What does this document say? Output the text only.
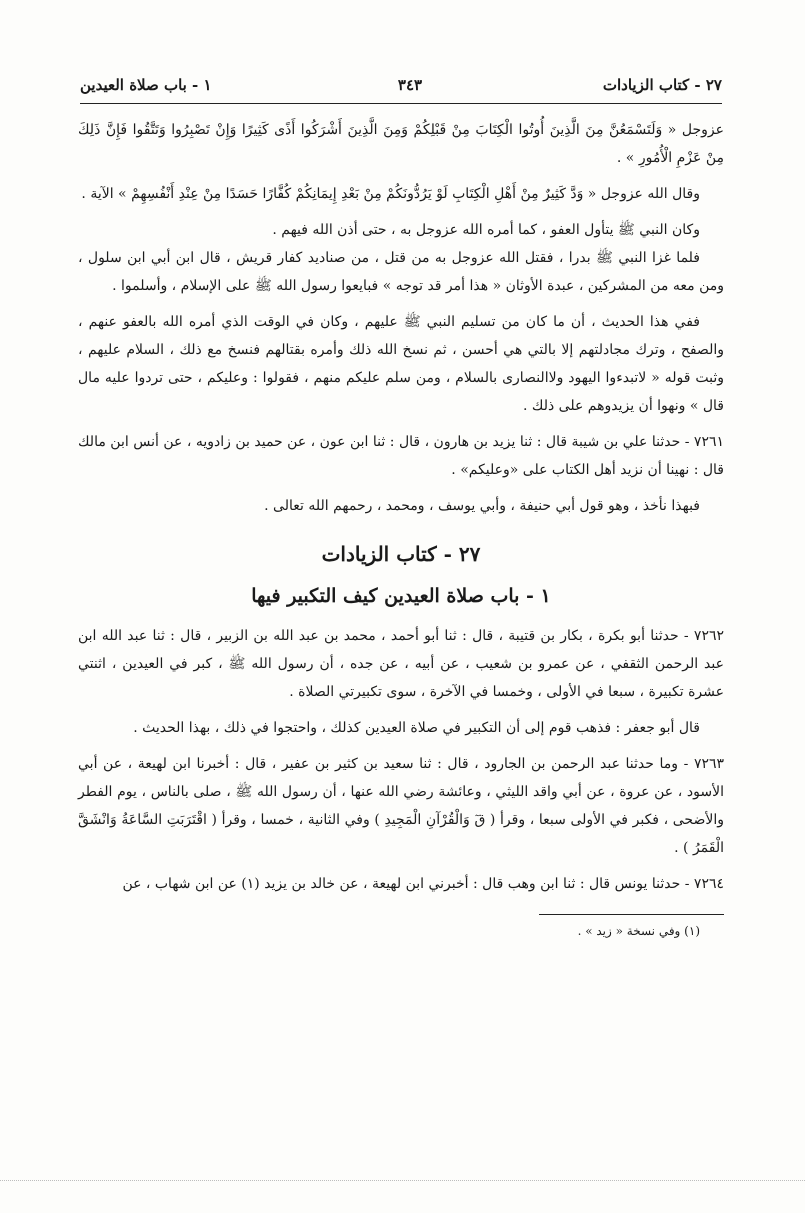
٢٧ - كتاب الزيادات
٣٤٣
١ - باب صلاة العيدين

عزوجل « وَلَتَسْمَعُنَّ مِنَ الَّذِينَ أُوتُوا الْكِتَابَ مِنْ قَبْلِكُمْ وَمِنَ الَّذِينَ أَشْرَكُوا أَذًى كَثِيرًا وَإِنْ تَصْبِرُوا وَتَتَّقُوا فَإِنَّ ذَلِكَ مِنْ عَزْمِ الْأُمُورِ » .

وقال الله عزوجل « وَدَّ كَثِيرٌ مِنْ أَهْلِ الْكِتَابِ لَوْ يَرُدُّونَكُمْ مِنْ بَعْدِ إِيمَانِكُمْ كُفَّارًا حَسَدًا مِنْ عِنْدِ أَنْفُسِهِمْ » الآية .

وكان النبي ﷺ يتأول العفو ، كما أمره الله عزوجل به ، حتى أذن الله فيهم .

فلما غزا النبي ﷺ بدرا ، فقتل الله عزوجل به من قتل ، من صناديد كفار قريش ، قال ابن أبي ابن سلول ، ومن معه من المشركين ، عبدة الأوثان « هذا أمر قد توجه » فبايعوا رسول الله ﷺ على الإسلام ، وأسلموا .

ففي هذا الحديث ، أن ما كان من تسليم النبي ﷺ عليهم ، وكان في الوقت الذي أمره الله بالعفو عنهم ، والصفح ، وترك مجادلتهم إلا بالتي هي أحسن ، ثم نسخ الله ذلك وأمره بقتالهم فنسخ مع ذلك ، السلام عليهم ، وثبت قوله « لاتبدءوا اليهود ولاالنصارى بالسلام ، ومن سلم عليكم منهم ، فقولوا : وعليكم ، حتى تردوا عليه مال قال » ونهوا أن يزيدوهم على ذلك .

٧٢٦١ - حدثنا علي بن شيبة قال : ثنا يزيد بن هارون ، قال : ثنا ابن عون ، عن حميد بن زادويه ، عن أنس ابن مالك قال : نهينا أن نزيد أهل الكتاب على «وعليكم» .

فبهذا نأخذ ، وهو قول أبي حنيفة ، وأبي يوسف ، ومحمد ، رحمهم الله تعالى .

٢٧ - كتاب الزيادات
١ - باب صلاة العيدين كيف التكبير فيها

٧٢٦٢ - حدثنا أبو بكرة ، بكار بن قتيبة ، قال : ثنا أبو أحمد ، محمد بن عبد الله بن الزبير ، قال : ثنا عبد الله ابن عبد الرحمن الثقفي ، عن عمرو بن شعيب ، عن أبيه ، عن جده ، أن رسول الله ﷺ ، كبر في العيدين ، اثنتي عشرة تكبيرة ، سبعا في الأولى ، وخمسا في الآخرة ، سوى تكبيرتي الصلاة .

قال أبو جعفر : فذهب قوم إلى أن التكبير في صلاة العيدين كذلك ، واحتجوا في ذلك ، بهذا الحديث .

٧٢٦٣ - وما حدثنا عبد الرحمن بن الجارود ، قال : ثنا سعيد بن كثير بن عفير ، قال : أخبرنا ابن لهيعة ، عن أبي الأسود ، عن عروة ، عن أبي واقد الليثي ، وعائشة رضي الله عنها ، أن رسول الله ﷺ ، صلى بالناس ، يوم الفطر والأضحى ، فكبر في الأولى سبعا ، وقرأ ( قٓ وَالْقُرْآنِ الْمَجِيدِ ) وفي الثانية ، خمسا ، وقرأ ( اقْتَرَبَتِ السَّاعَةُ وَانْشَقَّ الْقَمَرُ ) .

٧٢٦٤ - حدثنا يونس قال : ثنا ابن وهب قال : أخبرني ابن لهيعة ، عن خالد بن يزيد (١) عن ابن شهاب ، عن

(١) وفي نسخة « زيد » .
